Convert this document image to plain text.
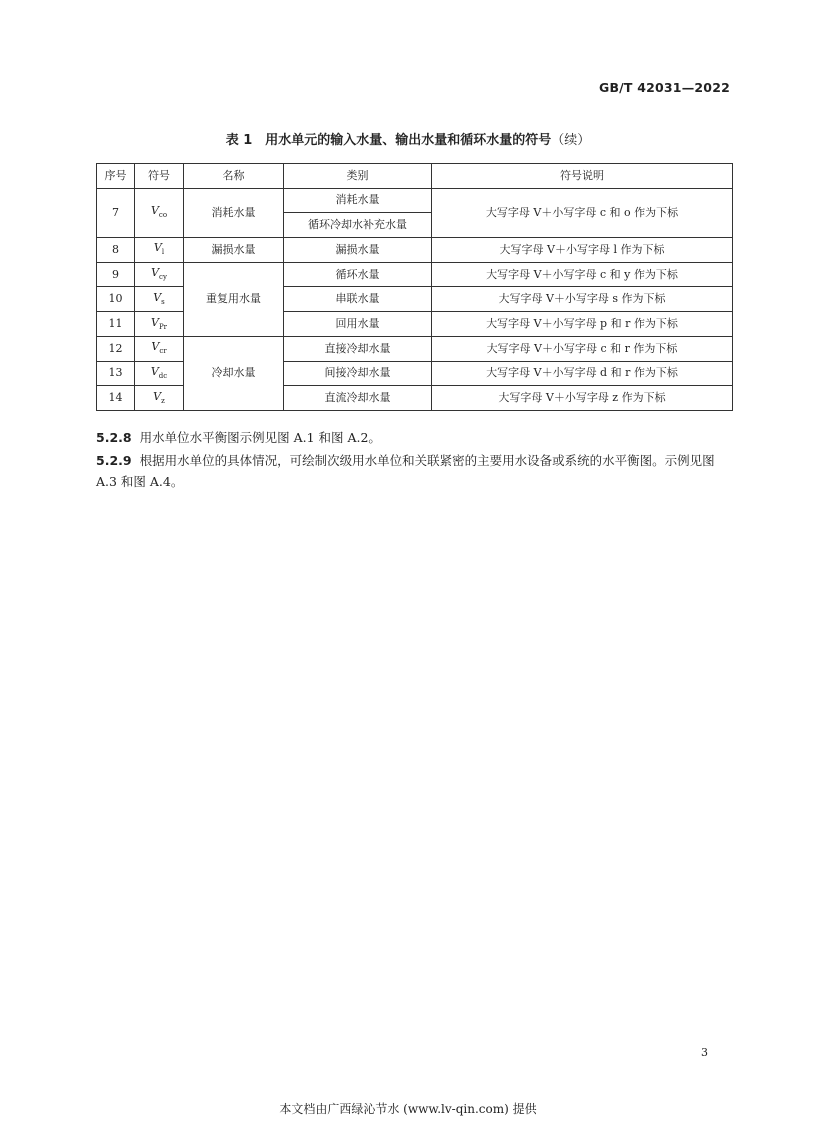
GB/T 42031—2022
表 1　用水单元的输入水量、输出水量和循环水量的符号（续）
序号	符号	名称	类别	符号说明
7	$V_{co}$	消耗水量	消耗水量	大写字母 V＋小写字母 c 和 o 作为下标
			循环冷却水补充水量	
8	$V_l$	漏损水量	漏损水量	大写字母 V＋小写字母 l 作为下标
9	$V_{cy}$	重复用水量	循环水量	大写字母 V＋小写字母 c 和 y 作为下标
10	$V_s$		串联水量	大写字母 V＋小写字母 s 作为下标
11	$V_{Pr}$		回用水量	大写字母 V＋小写字母 p 和 r 作为下标
12	$V_{cr}$	冷却水量	直接冷却水量	大写字母 V＋小写字母 c 和 r 作为下标
13	$V_{dc}$		间接冷却水量	大写字母 V＋小写字母 d 和 r 作为下标
14	$V_z$		直流冷却水量	大写字母 V＋小写字母 z 作为下标
5.2.8 用水单位水平衡图示例见图 A.1 和图 A.2。
5.2.9 根据用水单位的具体情况，可绘制次级用水单位和关联紧密的主要用水设备或系统的水平衡图。示例见图 A.3 和图 A.4。
3
本文档由广西绿沁节水 (www.lv-qin.com) 提供
